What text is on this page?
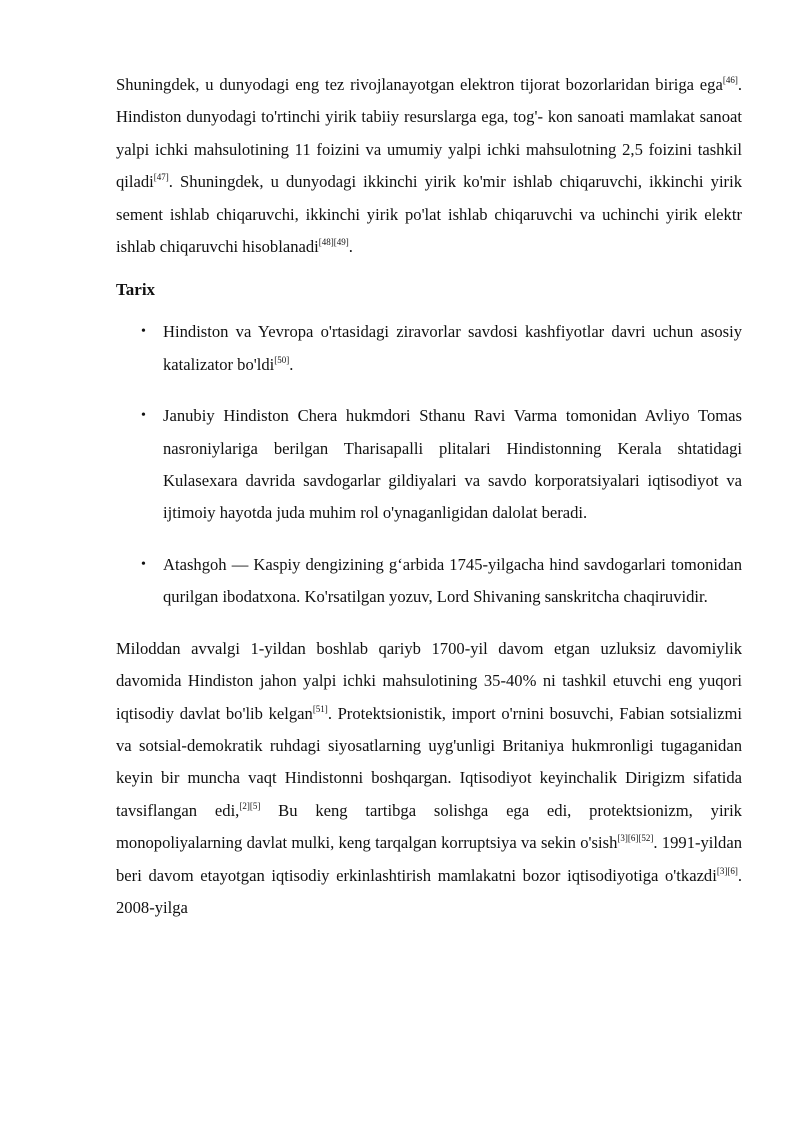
Shuningdek, u dunyodagi eng tez rivojlanayotgan elektron tijorat bozorlaridan biriga ega[46]. Hindiston dunyodagi to'rtinchi yirik tabiiy resurslarga ega, tog'- kon sanoati mamlakat sanoat yalpi ichki mahsulotining 11 foizini va umumiy yalpi ichki mahsulotning 2,5 foizini tashkil qiladi[47]. Shuningdek, u dunyodagi ikkinchi yirik ko'mir ishlab chiqaruvchi, ikkinchi yirik sement ishlab chiqaruvchi, ikkinchi yirik po'lat ishlab chiqaruvchi va uchinchi yirik elektr ishlab chiqaruvchi hisoblanadi[48][49].

Tarix
• Hindiston va Yevropa o'rtasidagi ziravorlar savdosi kashfiyotlar davri uchun asosiy katalizator bo'ldi[50].

• Janubiy Hindiston Chera hukmdori Sthanu Ravi Varma tomonidan Avliyo Tomas nasroniylariga berilgan Tharisapalli plitalari Hindistonning Kerala shtatidagi Kulasexara davrida savdogarlar gildiyalari va savdo korporatsiyalari iqtisodiyot va ijtimoiy hayotda juda muhim rol o'ynaganligidan dalolat beradi.

• Atashgoh — Kaspiy dengizining gʻarbida 1745-yilgacha hind savdogarlari tomonidan qurilgan ibodatxona. Ko'rsatilgan yozuv, Lord Shivaning sanskritcha chaqiruvidir.

Miloddan avvalgi 1-yildan boshlab qariyb 1700-yil davom etgan uzluksiz davomiylik davomida Hindiston jahon yalpi ichki mahsulotining 35-40% ni tashkil etuvchi eng yuqori iqtisodiy davlat bo'lib kelgan[51]. Protektsionistik, import o'rnini bosuvchi, Fabian sotsializmi va sotsial-demokratik ruhdagi siyosatlarning uyg'unligi Britaniya hukmronligi tugaganidan keyin bir muncha vaqt Hindistonni boshqargan. Iqtisodiyot keyinchalik Dirigizm sifatida tavsiflangan edi,[2][5] Bu keng tartibga solishga ega edi, protektsionizm, yirik monopoliyalarning davlat mulki, keng tarqalgan korruptsiya va sekin o'sish[3][6][52]. 1991-yildan beri davom etayotgan iqtisodiy erkinlashtirish mamlakatni bozor iqtisodiyotiga o'tkazdi[3][6]. 2008-yilga
